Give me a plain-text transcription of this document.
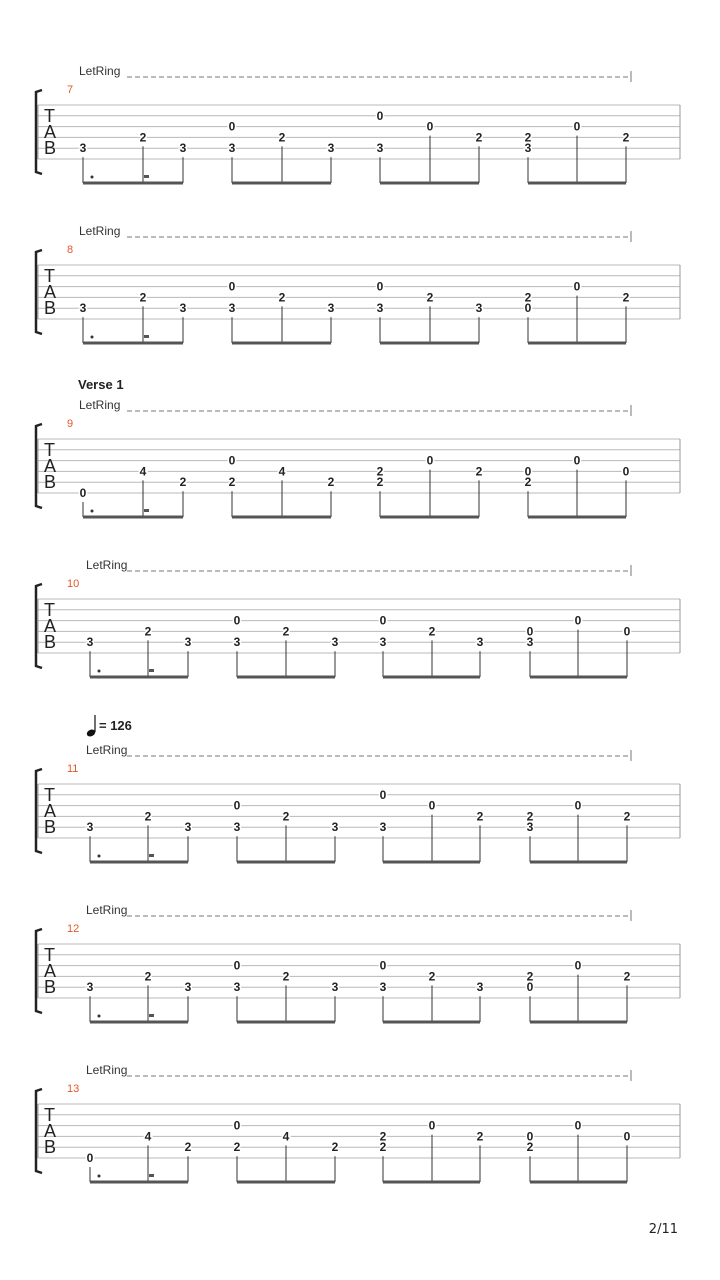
LetRing
7
T
A
B 3
2
3	3
0
2
3	3
0
0
2
3
2
0
2
LetRing
8
T
A
B 3
2
3	3
0
2
3	3
0
2
3	0
2
0
2
Verse 1
LetRing
9
T
A
B
0
4
2	2
0
4
2	2
2
0
2
2
0
0
0
LetRing
10
T
A
B	3
2
3	3
0
2
3	3
0
2
3	3
0
0
0
= 126
LetRing
11
T
A
B	3
2
3	3
0
2
3	3
0
0
2
3
2
0
2
LetRing
12
T
A
B	3
2
3	3
0
2
3	3
0
2
3	0
2
0
2
LetRing
13
T
A
B
0
4
2	2
0
4
2	2
2
0
2
2
0
0
0
2/11
